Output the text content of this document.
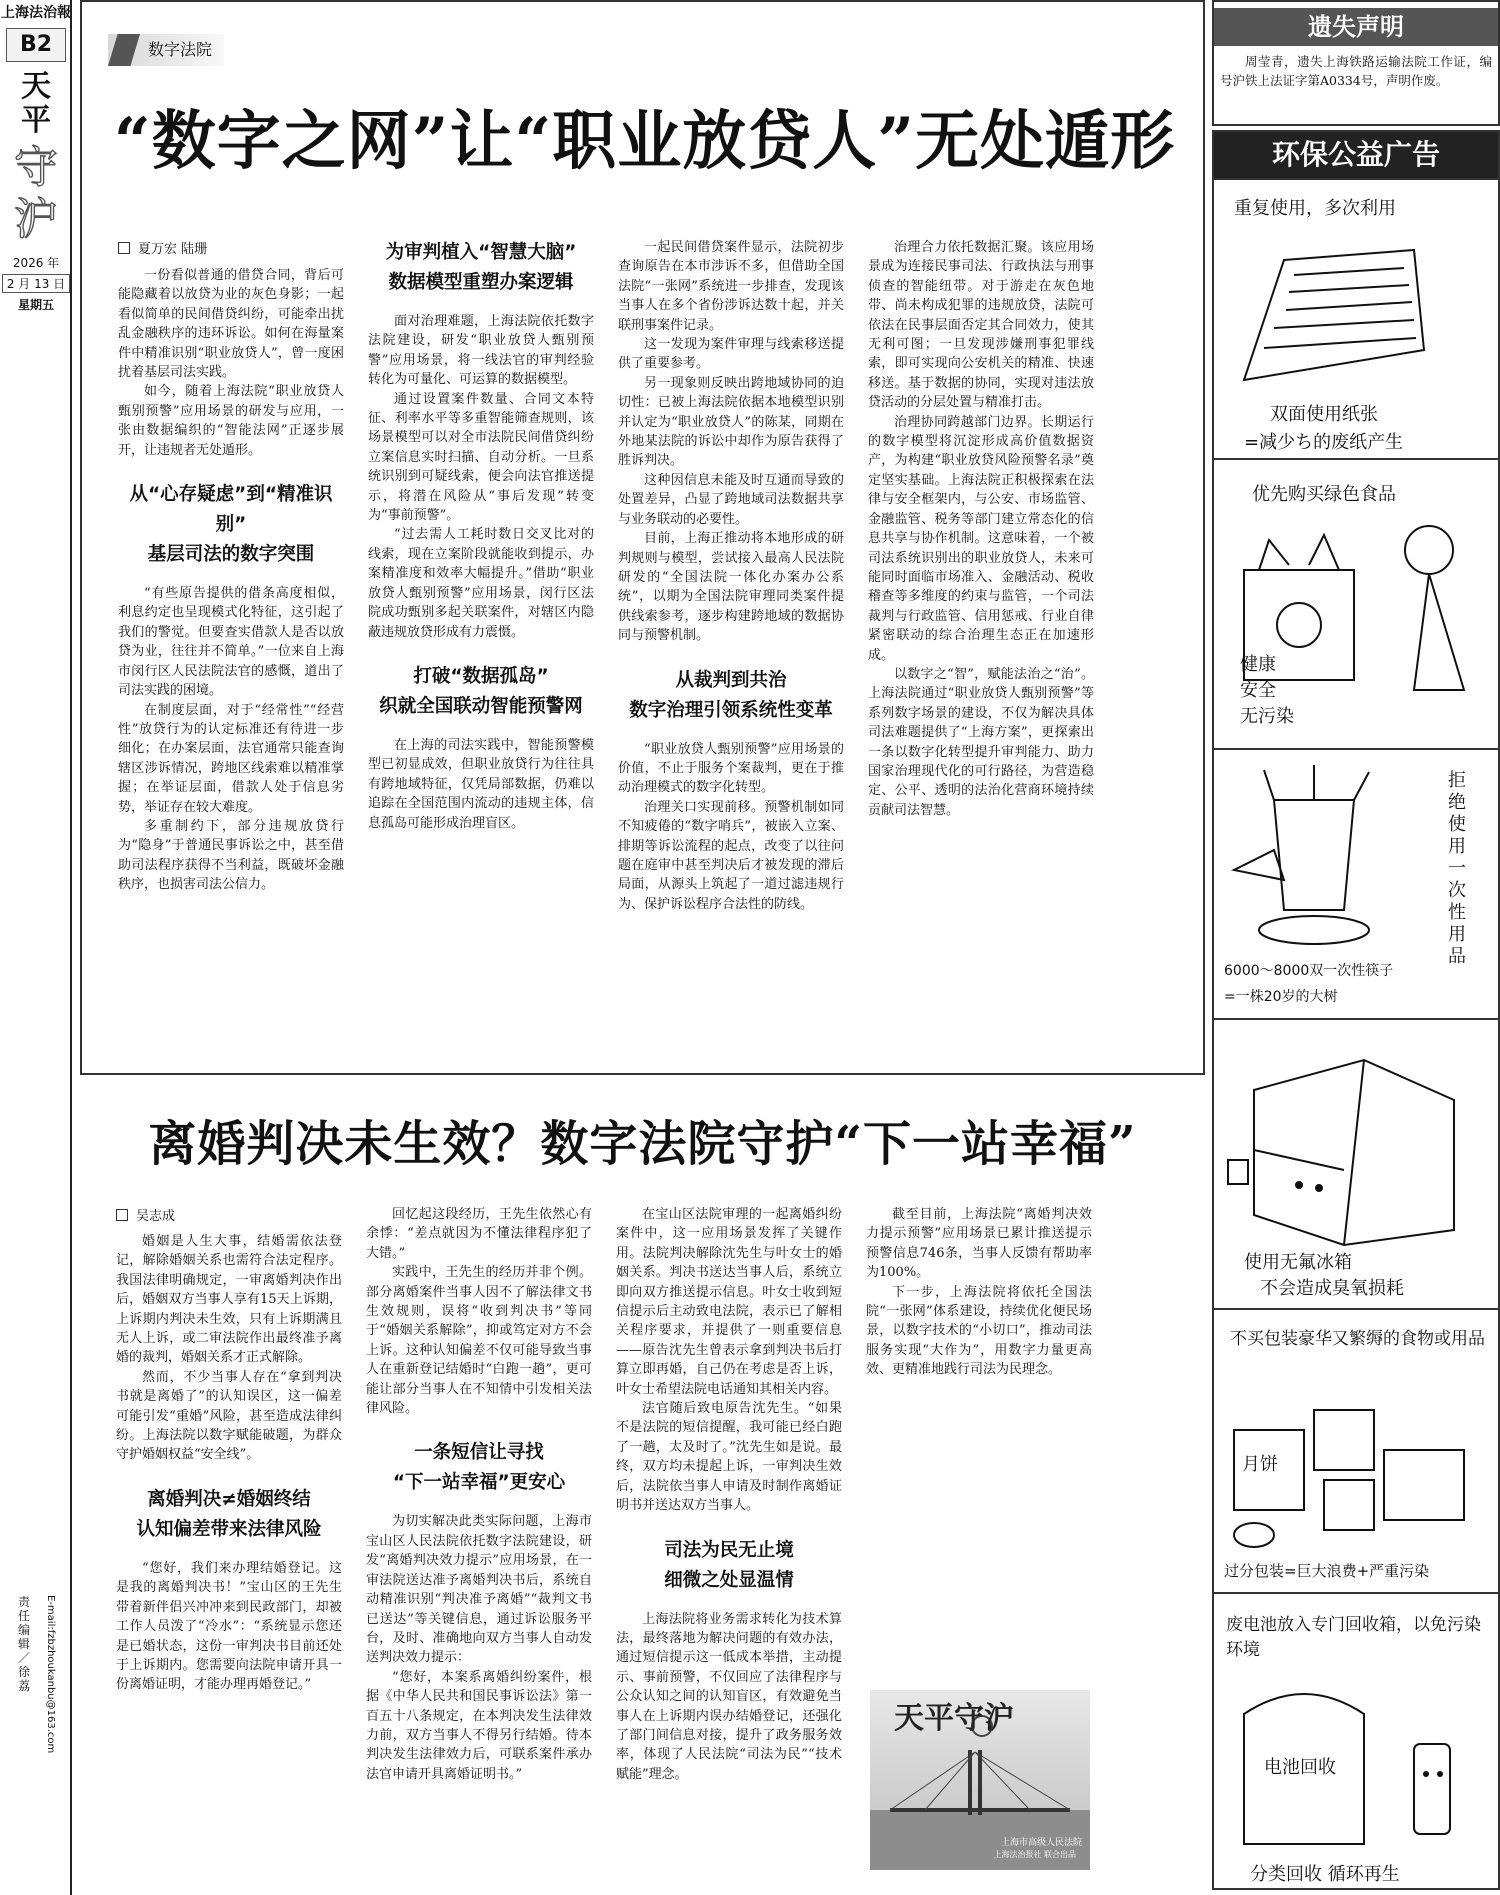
上海法治報
B2
天
平
守
沪
2026 年
2 月 13 日
星期五
责
任
编
辑
／
徐
荔	E-mail:fzbzhoukanbu@163.com
数字法院
“数字之网”让“职业放贷人”无处遁形
夏万宏 陆珊

一份看似普通的借贷合同，背后可能隐藏着以放贷为业的灰色身影；一起看似简单的民间借贷纠纷，可能牵出扰乱金融秩序的违环诉讼。如何在海量案件中精准识别“职业放贷人”，曾一度困扰着基层司法实践。

如今，随着上海法院“职业放贷人甄别预警”应用场景的研发与应用，一张由数据编织的“智能法网”正逐步展开，让违规者无处遁形。

从“心存疑虑”到“精准识别”
基层司法的数字突围

“有些原告提供的借条高度相似，利息约定也呈现模式化特征，这引起了我们的警觉。但要查实借款人是否以放贷为业，往往并不简单。”一位来自上海市闵行区人民法院法官的感慨，道出了司法实践的困境。

在制度层面，对于“经常性”“经营性”放贷行为的认定标准还有待进一步细化；在办案层面，法官通常只能查询辖区涉诉情况，跨地区线索难以精准掌握；在举证层面，借款人处于信息劣势，举证存在较大难度。

多重制约下，部分违规放贷行为“隐身”于普通民事诉讼之中，甚至借助司法程序获得不当利益，既破坏金融秩序，也损害司法公信力。

为审判植入“智慧大脑”
数据模型重塑办案逻辑

面对治理难题，上海法院依托数字法院建设，研发“职业放贷人甄别预警”应用场景，将一线法官的审判经验转化为可量化、可运算的数据模型。

通过设置案件数量、合同文本特征、利率水平等多重智能筛查规则，该场景模型可以对全市法院民间借贷纠纷立案信息实时扫描、自动分析。一旦系统识别到可疑线索，便会向法官推送提示，将潜在风险从“事后发现”转变为“事前预警”。

“过去需人工耗时数日交叉比对的线索，现在立案阶段就能收到提示，办案精准度和效率大幅提升。”借助“职业放贷人甄别预警”应用场景，闵行区法院成功甄别多起关联案件，对辖区内隐蔽违规放贷形成有力震慑。

打破“数据孤岛”
织就全国联动智能预警网

在上海的司法实践中，智能预警模型已初显成效，但职业放贷行为往往具有跨地域特征，仅凭局部数据，仍难以追踪在全国范围内流动的违规主体，信息孤岛可能形成治理盲区。

一起民间借贷案件显示，法院初步查询原告在本市涉诉不多，但借助全国法院“一张网”系统进一步排查，发现该当事人在多个省份涉诉达数十起，并关联刑事案件记录。

这一发现为案件审理与线索移送提供了重要参考。

另一现象则反映出跨地域协同的迫切性：已被上海法院依据本地模型识别并认定为“职业放贷人”的陈某，同期在外地某法院的诉讼中却作为原告获得了胜诉判决。

这种因信息未能及时互通而导致的处置差异，凸显了跨地域司法数据共享与业务联动的必要性。

目前，上海正推动将本地形成的研判规则与模型，尝试接入最高人民法院研发的“全国法院一体化办案办公系统”，以期为全国法院审理同类案件提供线索参考，逐步构建跨地域的数据协同与预警机制。

从裁判到共治
数字治理引领系统性变革

“职业放贷人甄别预警”应用场景的价值，不止于服务个案裁判，更在于推动治理模式的数字化转型。

治理关口实现前移。预警机制如同不知疲倦的“数字哨兵”，被嵌入立案、排期等诉讼流程的起点，改变了以往问题在庭审中甚至判决后才被发现的滞后局面，从源头上筑起了一道过滤违规行为、保护诉讼程序合法性的防线。

治理合力依托数据汇聚。该应用场景成为连接民事司法、行政执法与刑事侦查的智能纽带。对于游走在灰色地带、尚未构成犯罪的违规放贷，法院可依法在民事层面否定其合同效力，使其无利可图；一旦发现涉嫌刑事犯罪线索，即可实现向公安机关的精准、快速移送。基于数据的协同，实现对违法放贷活动的分层处置与精准打击。

治理协同跨越部门边界。长期运行的数字模型将沉淀形成高价值数据资产，为构建“职业放贷风险预警名录”奠定坚实基础。上海法院正积极探索在法律与安全框架内，与公安、市场监管、金融监管、税务等部门建立常态化的信息共享与协作机制。这意味着，一个被司法系统识别出的职业放贷人，未来可能同时面临市场准入、金融活动、税收稽查等多维度的约束与监管，一个司法裁判与行政监管、信用惩戒、行业自律紧密联动的综合治理生态正在加速形成。

以数字之“智”，赋能法治之“治”。上海法院通过“职业放贷人甄别预警”等系列数字场景的建设，不仅为解决具体司法难题提供了“上海方案”，更探索出一条以数字化转型提升审判能力、助力国家治理现代化的可行路径，为营造稳定、公平、透明的法治化营商环境持续贡献司法智慧。

离婚判决未生效？数字法院守护“下一站幸福”
吴志成

婚姻是人生大事，结婚需依法登记，解除婚姻关系也需符合法定程序。我国法律明确规定，一审离婚判决作出后，婚姻双方当事人享有15天上诉期，上诉期内判决未生效，只有上诉期满且无人上诉，或二审法院作出最终准予离婚的裁判，婚姻关系才正式解除。

然而，不少当事人存在“拿到判决书就是离婚了”的认知误区，这一偏差可能引发“重婚”风险，甚至造成法律纠纷。上海法院以数字赋能破题，为群众守护婚姻权益“安全线”。

离婚判决≠婚姻终结
认知偏差带来法律风险

“您好，我们来办理结婚登记。这是我的离婚判决书！”宝山区的王先生带着新伴侣兴冲冲来到民政部门，却被工作人员泼了“冷水”：“系统显示您还是已婚状态，这份一审判决书目前还处于上诉期内。您需要向法院申请开具一份离婚证明，才能办理再婚登记。”

回忆起这段经历，王先生依然心有余悸：“差点就因为不懂法律程序犯了大错。”

实践中，王先生的经历并非个例。部分离婚案件当事人因不了解法律文书生效规则，误将“收到判决书”等同于“婚姻关系解除”，抑或笃定对方不会上诉。这种认知偏差不仅可能导致当事人在重新登记结婚时“白跑一趟”，更可能让部分当事人在不知情中引发相关法律风险。

一条短信让寻找
“下一站幸福”更安心

为切实解决此类实际问题，上海市宝山区人民法院依托数字法院建设，研发“离婚判决效力提示”应用场景，在一审法院送达准予离婚判决书后，系统自动精准识别“判决准予离婚”“裁判文书已送达”等关键信息，通过诉讼服务平台，及时、准确地向双方当事人自动发送判决效力提示：

“您好，本案系离婚纠纷案件，根据《中华人民共和国民事诉讼法》第一百五十八条规定，在本判决发生法律效力前，双方当事人不得另行结婚。待本判决发生法律效力后，可联系案件承办法官申请开具离婚证明书。”

在宝山区法院审理的一起离婚纠纷案件中，这一应用场景发挥了关键作用。法院判决解除沈先生与叶女士的婚姻关系。判决书送达当事人后，系统立即向双方推送提示信息。叶女士收到短信提示后主动致电法院，表示已了解相关程序要求，并提供了一则重要信息——原告沈先生曾表示拿到判决书后打算立即再婚，自己仍在考虑是否上诉，叶女士希望法院电话通知其相关内容。

法官随后致电原告沈先生。“如果不是法院的短信提醒，我可能已经白跑了一趟，太及时了。”沈先生如是说。最终，双方均未提起上诉，一审判决生效后，法院依当事人申请及时制作离婚证明书并送达双方当事人。

司法为民无止境
细微之处显温情

上海法院将业务需求转化为技术算法，最终落地为解决问题的有效办法，通过短信提示这一低成本举措，主动提示、事前预警，不仅回应了法律程序与公众认知之间的认知盲区，有效避免当事人在上诉期内误办结婚登记，还强化了部门间信息对接，提升了政务服务效率，体现了人民法院“司法为民”“技术赋能”理念。

截至目前，上海法院“离婚判决效力提示预警”应用场景已累计推送提示预警信息746条，当事人反馈有帮助率为100%。

下一步，上海法院将依托全国法院“一张网”体系建设，持续优化便民场景，以数字技术的“小切口”，推动司法服务实现“大作为”，用数字力量更高效、更精准地践行司法为民理念。

天平守沪
上海市高级人民法院
上海法治报社 联合出品
遗失声明
周莹青，遗失上海铁路运输法院工作证，编号沪铁上法证字第A0334号，声明作废。
环保公益广告
重复使用，多次利用
双面使用纸张
=减少ち的废纸产生
优先购买绿色食品
健康
安全
无污染
拒绝使用一次性用品
6000～8000双一次性筷子
=一株20岁的大树
使用无氟冰箱
不会造成臭氧损耗
不买包装豪华又繁缛的食物或用品
月饼
过分包装=巨大浪费+严重污染
废电池放入专门回收箱，以免污染环境
电池回收
分类回收 循环再生
